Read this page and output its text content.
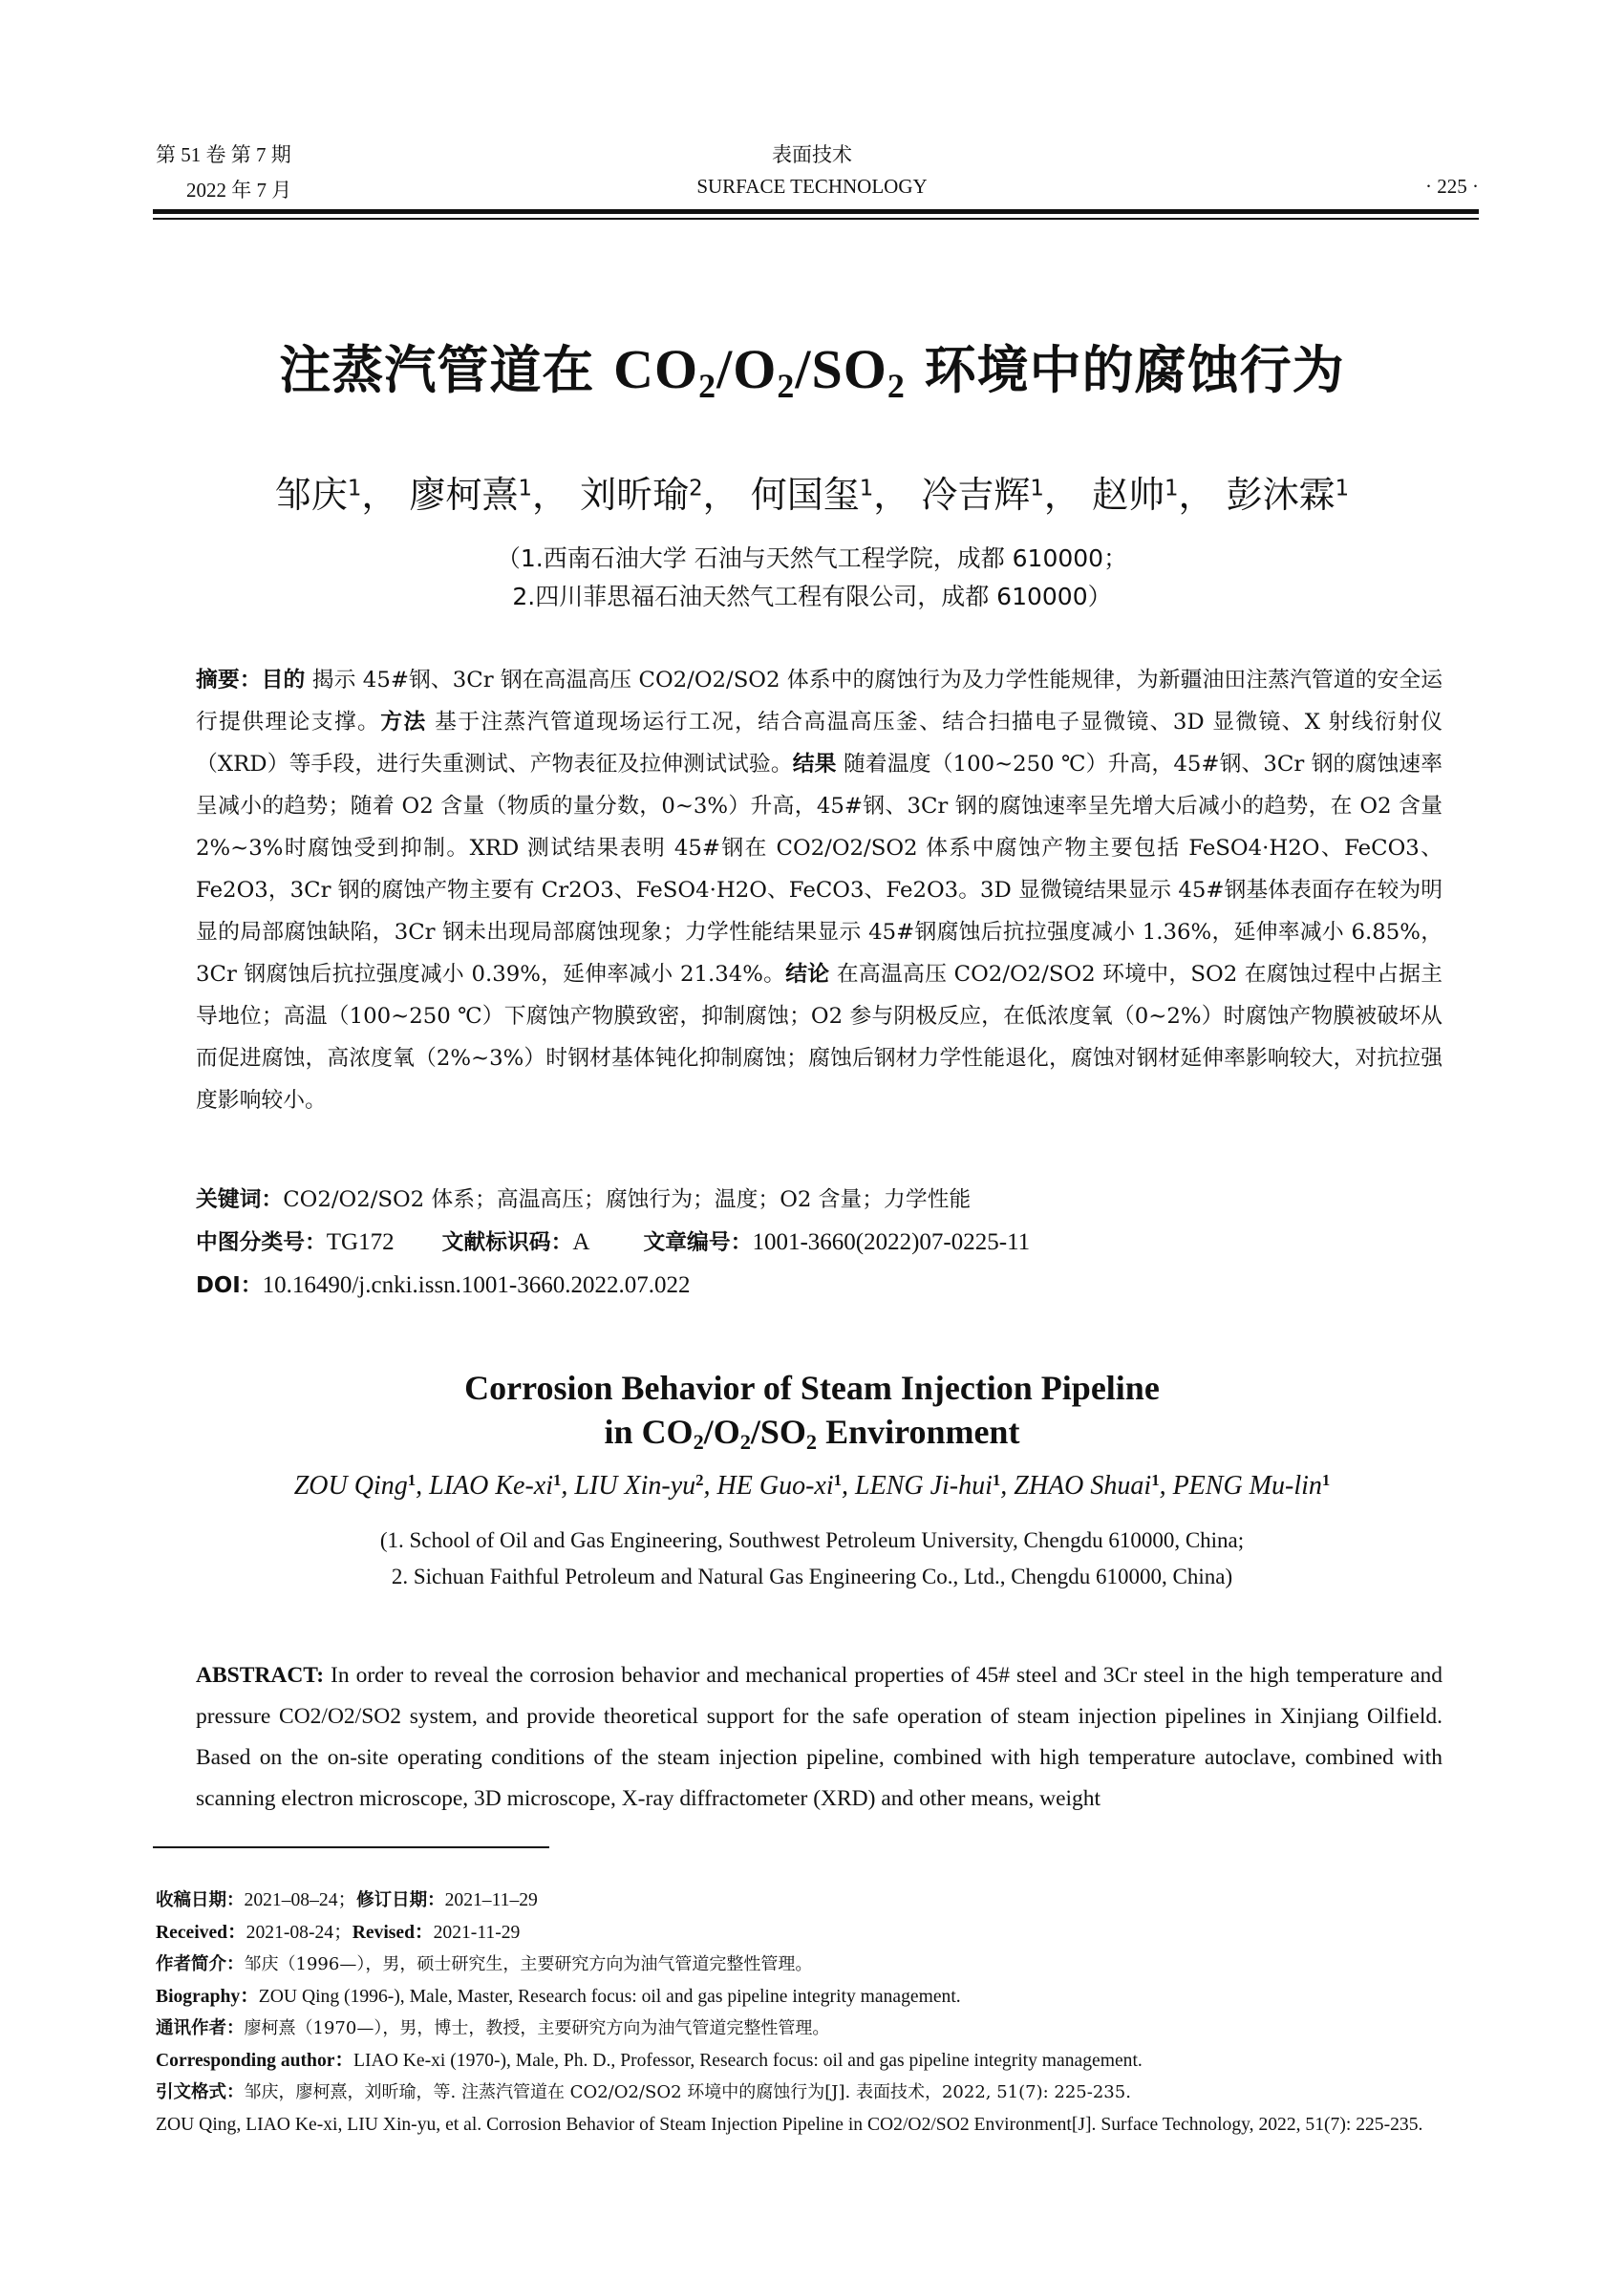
第 51 卷 第 7 期
2022 年 7 月
表面技术
SURFACE TECHNOLOGY	· 225 ·
注蒸汽管道在 $CO_2/O_2/SO_2$ 环境中的腐蚀行为
邹庆$^1$， 廖柯熹$^1$， 刘昕瑜$^2$， 何国玺$^1$， 冷吉辉$^1$， 赵帅$^1$， 彭沐霖$^1$
（1.西南石油大学 石油与天然气工程学院，成都 610000；
2.四川菲思福石油天然气工程有限公司，成都 610000）
摘要：目的 揭示 45#钢、3Cr 钢在高温高压 CO2/O2/SO2 体系中的腐蚀行为及力学性能规律，为新疆油田注蒸汽管道的安全运行提供理论支撑。方法 基于注蒸汽管道现场运行工况，结合高温高压釜、结合扫描电子显微镜、3D 显微镜、X 射线衍射仪（XRD）等手段，进行失重测试、产物表征及拉伸测试试验。结果 随着温度（100~250 ℃）升高，45#钢、3Cr 钢的腐蚀速率呈减小的趋势；随着 O2 含量（物质的量分数，0~3%）升高，45#钢、3Cr 钢的腐蚀速率呈先增大后减小的趋势，在 O2 含量 2%~3%时腐蚀受到抑制。XRD 测试结果表明 45#钢在 CO2/O2/SO2 体系中腐蚀产物主要包括 FeSO4·H2O、FeCO3、Fe2O3，3Cr 钢的腐蚀产物主要有 Cr2O3、FeSO4·H2O、FeCO3、Fe2O3。3D 显微镜结果显示 45#钢基体表面存在较为明显的局部腐蚀缺陷，3Cr 钢未出现局部腐蚀现象；力学性能结果显示 45#钢腐蚀后抗拉强度减小 1.36%，延伸率减小 6.85%，3Cr 钢腐蚀后抗拉强度减小 0.39%，延伸率减小 21.34%。结论 在高温高压 CO2/O2/SO2 环境中，SO2 在腐蚀过程中占据主导地位；高温（100~250 ℃）下腐蚀产物膜致密，抑制腐蚀；O2 参与阴极反应，在低浓度氧（0~2%）时腐蚀产物膜被破坏从而促进腐蚀，高浓度氧（2%~3%）时钢材基体钝化抑制腐蚀；腐蚀后钢材力学性能退化，腐蚀对钢材延伸率影响较大，对抗拉强度影响较小。
关键词：CO2/O2/SO2 体系；高温高压；腐蚀行为；温度；O2 含量；力学性能
中图分类号：TG172 文献标识码：A 文章编号：1001-3660(2022)07-0225-11
DOI：10.16490/j.cnki.issn.1001-3660.2022.07.022
Corrosion Behavior of Steam Injection Pipeline
in $CO_2/O_2/SO_2$ Environment
ZOU Qing$^1$, LIAO $Ke-xi^1$, LIU Xin-$yu^2$, HE Guo-$xi^1$, LENG Ji-hui$^1$, ZHAO Shuai$^1$, PENG Mu-lin$^1$
(1. School of Oil and Gas Engineering, Southwest Petroleum University, Chengdu 610000, China;
2. Sichuan Faithful Petroleum and Natural Gas Engineering Co., Ltd., Chengdu 610000, China)
ABSTRACT: In order to reveal the corrosion behavior and mechanical properties of 45# steel and 3Cr steel in the high temperature and pressure CO2/O2/SO2 system, and provide theoretical support for the safe operation of steam injection pipelines in Xinjiang Oilfield. Based on the on-site operating conditions of the steam injection pipeline, combined with high temperature autoclave, combined with scanning electron microscope, 3D microscope, X-ray diffractometer (XRD) and other means, weight
收稿日期：2021–08–24；修订日期：2021–11–29
Received：2021-08-24；Revised：2021-11-29
作者简介：邹庆（1996—），男，硕士研究生，主要研究方向为油气管道完整性管理。
Biography：ZOU Qing (1996-), Male, Master, Research focus: oil and gas pipeline integrity management.
通讯作者：廖柯熹（1970—），男，博士，教授，主要研究方向为油气管道完整性管理。
Corresponding author：LIAO Ke-xi (1970-), Male, Ph. D., Professor, Research focus: oil and gas pipeline integrity management.
引文格式：邹庆，廖柯熹，刘昕瑜，等. 注蒸汽管道在 CO2/O2/SO2 环境中的腐蚀行为[J]. 表面技术，2022, 51(7): 225-235.
ZOU Qing, LIAO Ke-xi, LIU Xin-yu, et al. Corrosion Behavior of Steam Injection Pipeline in CO2/O2/SO2 Environment[J]. Surface Technology, 2022, 51(7): 225-235.
